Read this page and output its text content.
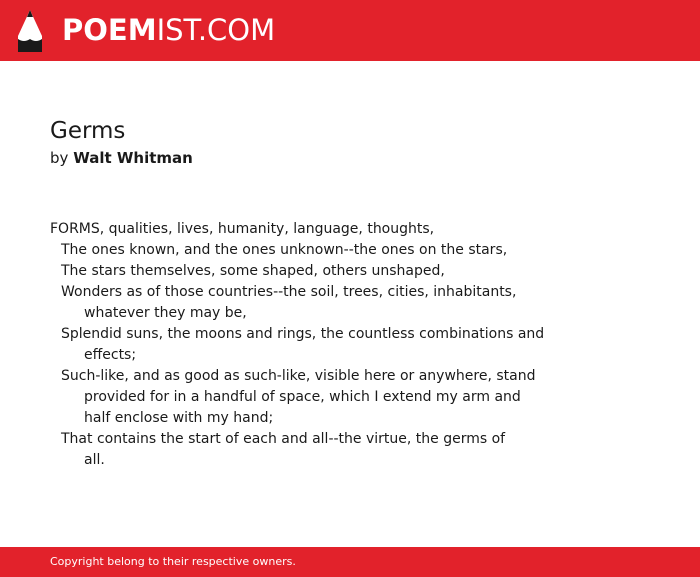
POEMIST.COM
Germs
by Walt Whitman
FORMS, qualities, lives, humanity, language, thoughts,
The ones known, and the ones unknown--the ones on the stars,
The stars themselves, some shaped, others unshaped,
Wonders as of those countries--the soil, trees, cities, inhabitants,
whatever they may be,
Splendid suns, the moons and rings, the countless combinations and
effects;
Such-like, and as good as such-like, visible here or anywhere, stand
provided for in a handful of space, which I extend my arm and
half enclose with my hand;
That contains the start of each and all--the virtue, the germs of
all.
Copyright belong to their respective owners.
